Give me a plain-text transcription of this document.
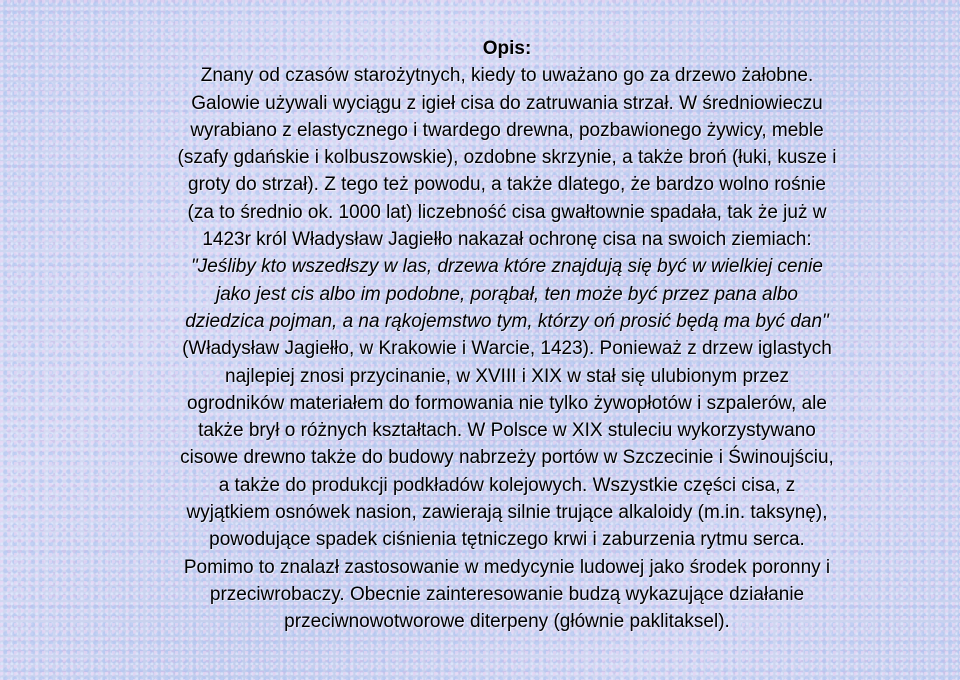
Opis:
Znany od czasów starożytnych, kiedy to uważano go za drzewo żałobne.
Galowie używali wyciągu z igieł cisa do zatruwania strzał. W średniowieczu
wyrabiano z elastycznego i twardego drewna, pozbawionego żywicy, meble
(szafy gdańskie i kolbuszowskie), ozdobne skrzynie, a także broń (łuki, kusze i
groty do strzał). Z tego też powodu, a także dlatego, że bardzo wolno rośnie
(za to średnio ok. 1000 lat) liczebność cisa gwałtownie spadała, tak że już w
1423r król Władysław Jagiełło nakazał ochronę cisa na swoich ziemiach:
"Jeśliby kto wszedłszy w las, drzewa które znajdują się być w wielkiej cenie
jako jest cis albo im podobne, porąbał, ten może być przez pana albo
dziedzica pojman, a na rąkojemstwo tym, którzy oń prosić będą ma być dan"
(Władysław Jagiełło, w Krakowie i Warcie, 1423). Ponieważ z drzew iglastych
najlepiej znosi przycinanie, w XVIII i XIX w stał się ulubionym przez
ogrodników materiałem do formowania nie tylko żywopłotów i szpalerów, ale
także brył o różnych kształtach. W Polsce w XIX stuleciu wykorzystywano
cisowe drewno także do budowy nabrzeży portów w Szczecinie i Świnoujściu,
a także do produkcji podkładów kolejowych. Wszystkie części cisa, z
wyjątkiem osnówek nasion, zawierają silnie trujące alkaloidy (m.in. taksynę),
powodujące spadek ciśnienia tętniczego krwi i zaburzenia rytmu serca.
Pomimo to znalazł zastosowanie w medycynie ludowej jako środek poronny i
przeciwrobaczy. Obecnie zainteresowanie budzą wykazujące działanie
przeciwnowotworowe diterpeny (głównie paklitaksel).
